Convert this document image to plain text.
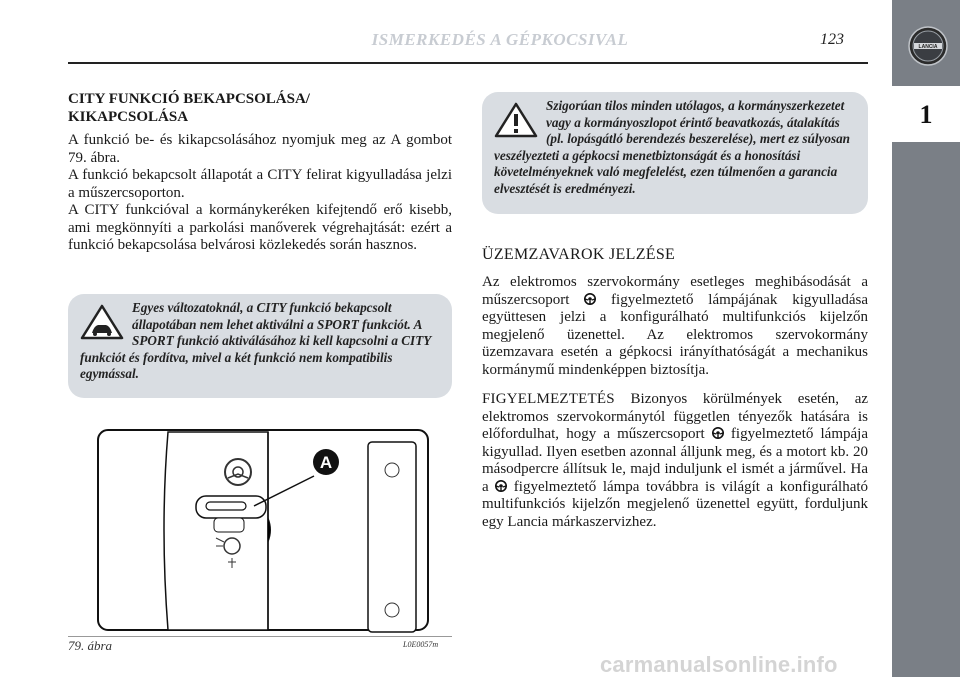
ISMERKEDÉS A GÉPKOCSIVAL	123
1
LANCIA

CITY FUNKCIÓ BEKAPCSOLÁSA/
KIKAPCSOLÁSA

A funkció be- és kikapcsolásához nyomjuk meg az A gombot 79. ábra.

A funkció bekapcsolt állapotát a CITY felirat kigyulladása jelzi a műszercsoporton.

A CITY funkcióval a kormánykeréken kifejtendő erő kisebb, ami megkönnyíti a parkolási manőverek végrehajtását: ezért a funkció bekapcsolása belvárosi közlekedés során hasznos.

Egyes változatoknál, a CITY funkció bekapcsolt állapotában nem lehet aktiválni a SPORT funkciót. A SPORT funkció aktiválásához ki kell kapcsolni a CITY funkciót és fordítva, mivel a két funkció nem kompatibilis egymással.
A
79. ábra	L0E0057m
Szigorúan tilos minden utólagos, a kormányszerkezetet vagy a kormányoszlopot érintő beavatkozás, átalakítás (pl. lopásgátló berendezés beszerelése), mert ez súlyosan veszélyezteti a gépkocsi menetbiztonságát és a honosítási követelményeknek való megfelelést, ezen túlmenően a garancia elvesztését is eredményezi.

ÜZEMZAVAROK JELZÉSE

Az elektromos szervokormány esetleges meghibásodását a műszercsoport	figyelmeztető lámpájának kigyulladása együttesen jelzi a konfigurálható multifunkciós kijelzőn megjelenő üzenettel. Az elektromos szervokormány üzemzavara esetén a gépkocsi irányíthatóságát a mechanikus kormánymű mindenképpen biztosítja.

FIGYELMEZTETÉS Bizonyos körülmények esetén, az elektromos szervokormánytól független tényezők hatására is előfordulhat, hogy a műszercsoport figyelmeztető lámpája kigyullad. Ilyen esetben azonnal álljunk meg, és a motort kb. 20 másodpercre állítsuk le, majd induljunk el ismét a járművel. Ha a figyelmeztető lámpa továbbra is világít a konfigurálható multifunkciós kijelzőn megjelenő üzenettel együtt, forduljunk egy Lancia márkaszervizhez.

carmanualsonline.info
